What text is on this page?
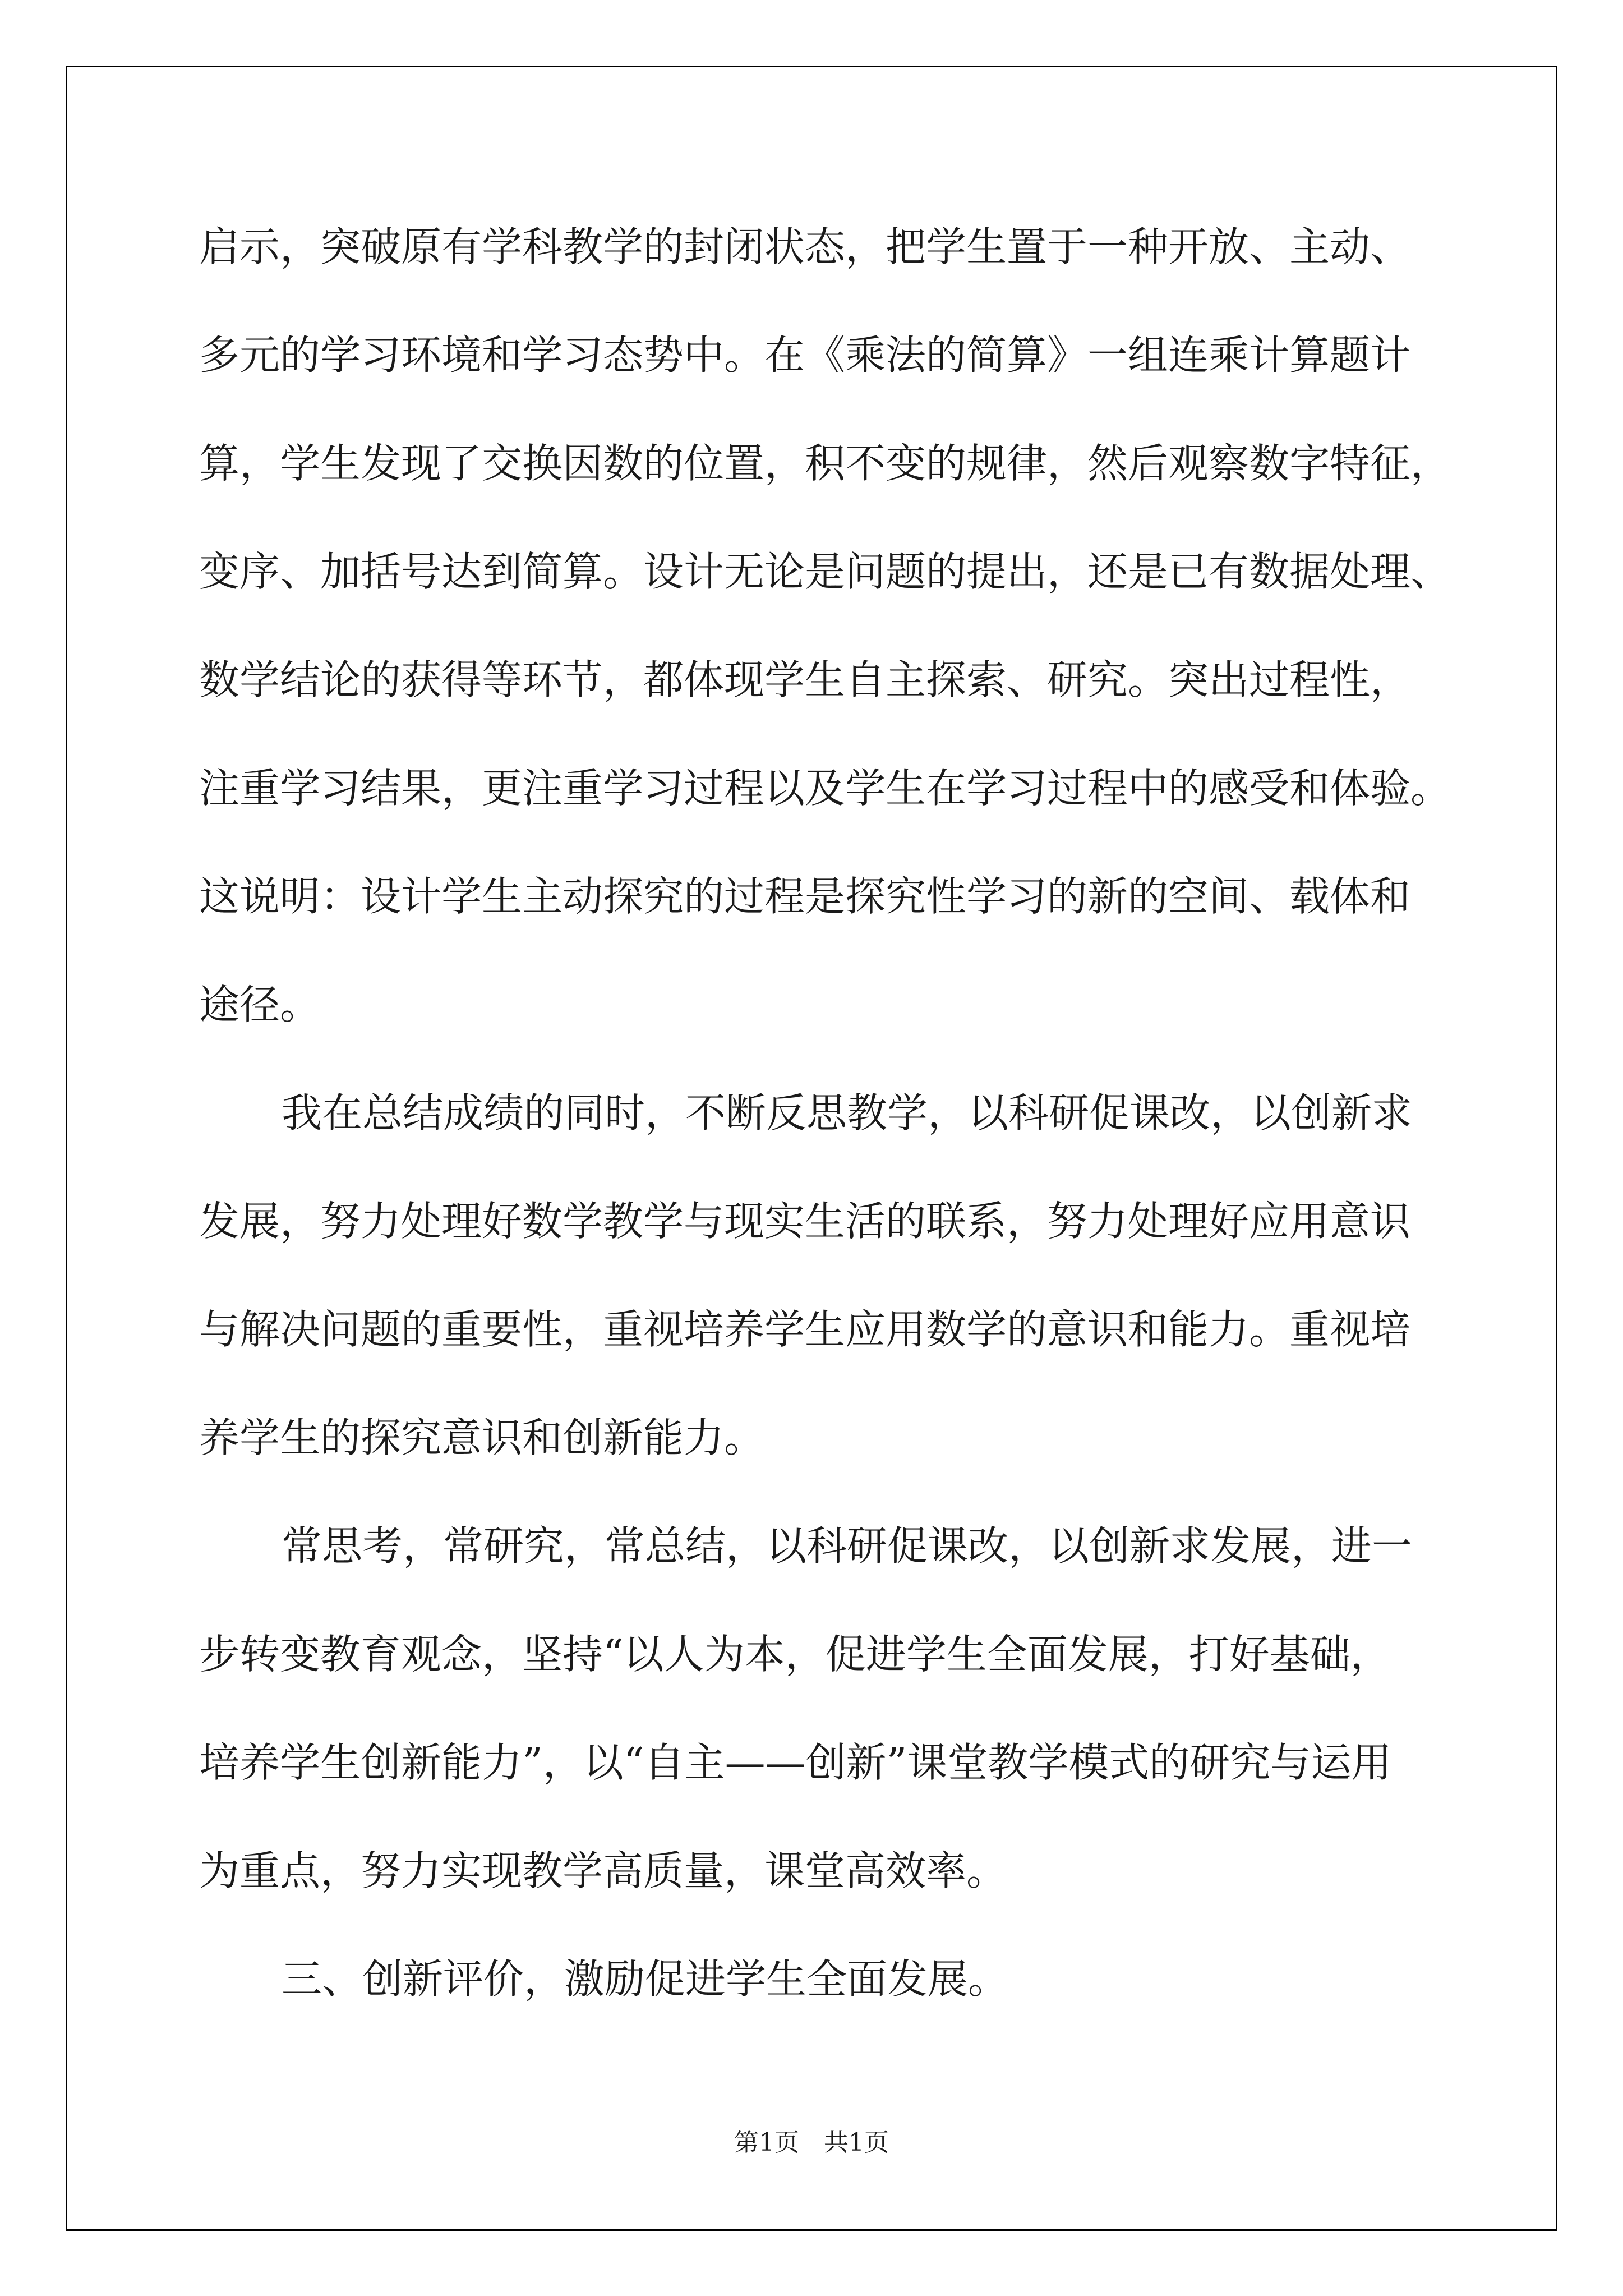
启示，突破原有学科教学的封闭状态，把学生置于一种开放、主动、
多元的学习环境和学习态势中。在《乘法的简算》一组连乘计算题计
算，学生发现了交换因数的位置，积不变的规律，然后观察数字特征，
变序、加括号达到简算。设计无论是问题的提出，还是已有数据处理、
数学结论的获得等环节，都体现学生自主探索、研究。突出过程性，
注重学习结果，更注重学习过程以及学生在学习过程中的感受和体验。
这说明：设计学生主动探究的过程是探究性学习的新的空间、载体和
途径。
我在总结成绩的同时，不断反思教学，以科研促课改，以创新求
发展，努力处理好数学教学与现实生活的联系，努力处理好应用意识
与解决问题的重要性，重视培养学生应用数学的意识和能力。重视培
养学生的探究意识和创新能力。
常思考，常研究，常总结，以科研促课改，以创新求发展，进一
步转变教育观念，坚持“以人为本，促进学生全面发展，打好基础，
培养学生创新能力”，以“自主——创新”课堂教学模式的研究与运用
为重点，努力实现教学高质量，课堂高效率。
三、创新评价，激励促进学生全面发展。
第1页　共1页
